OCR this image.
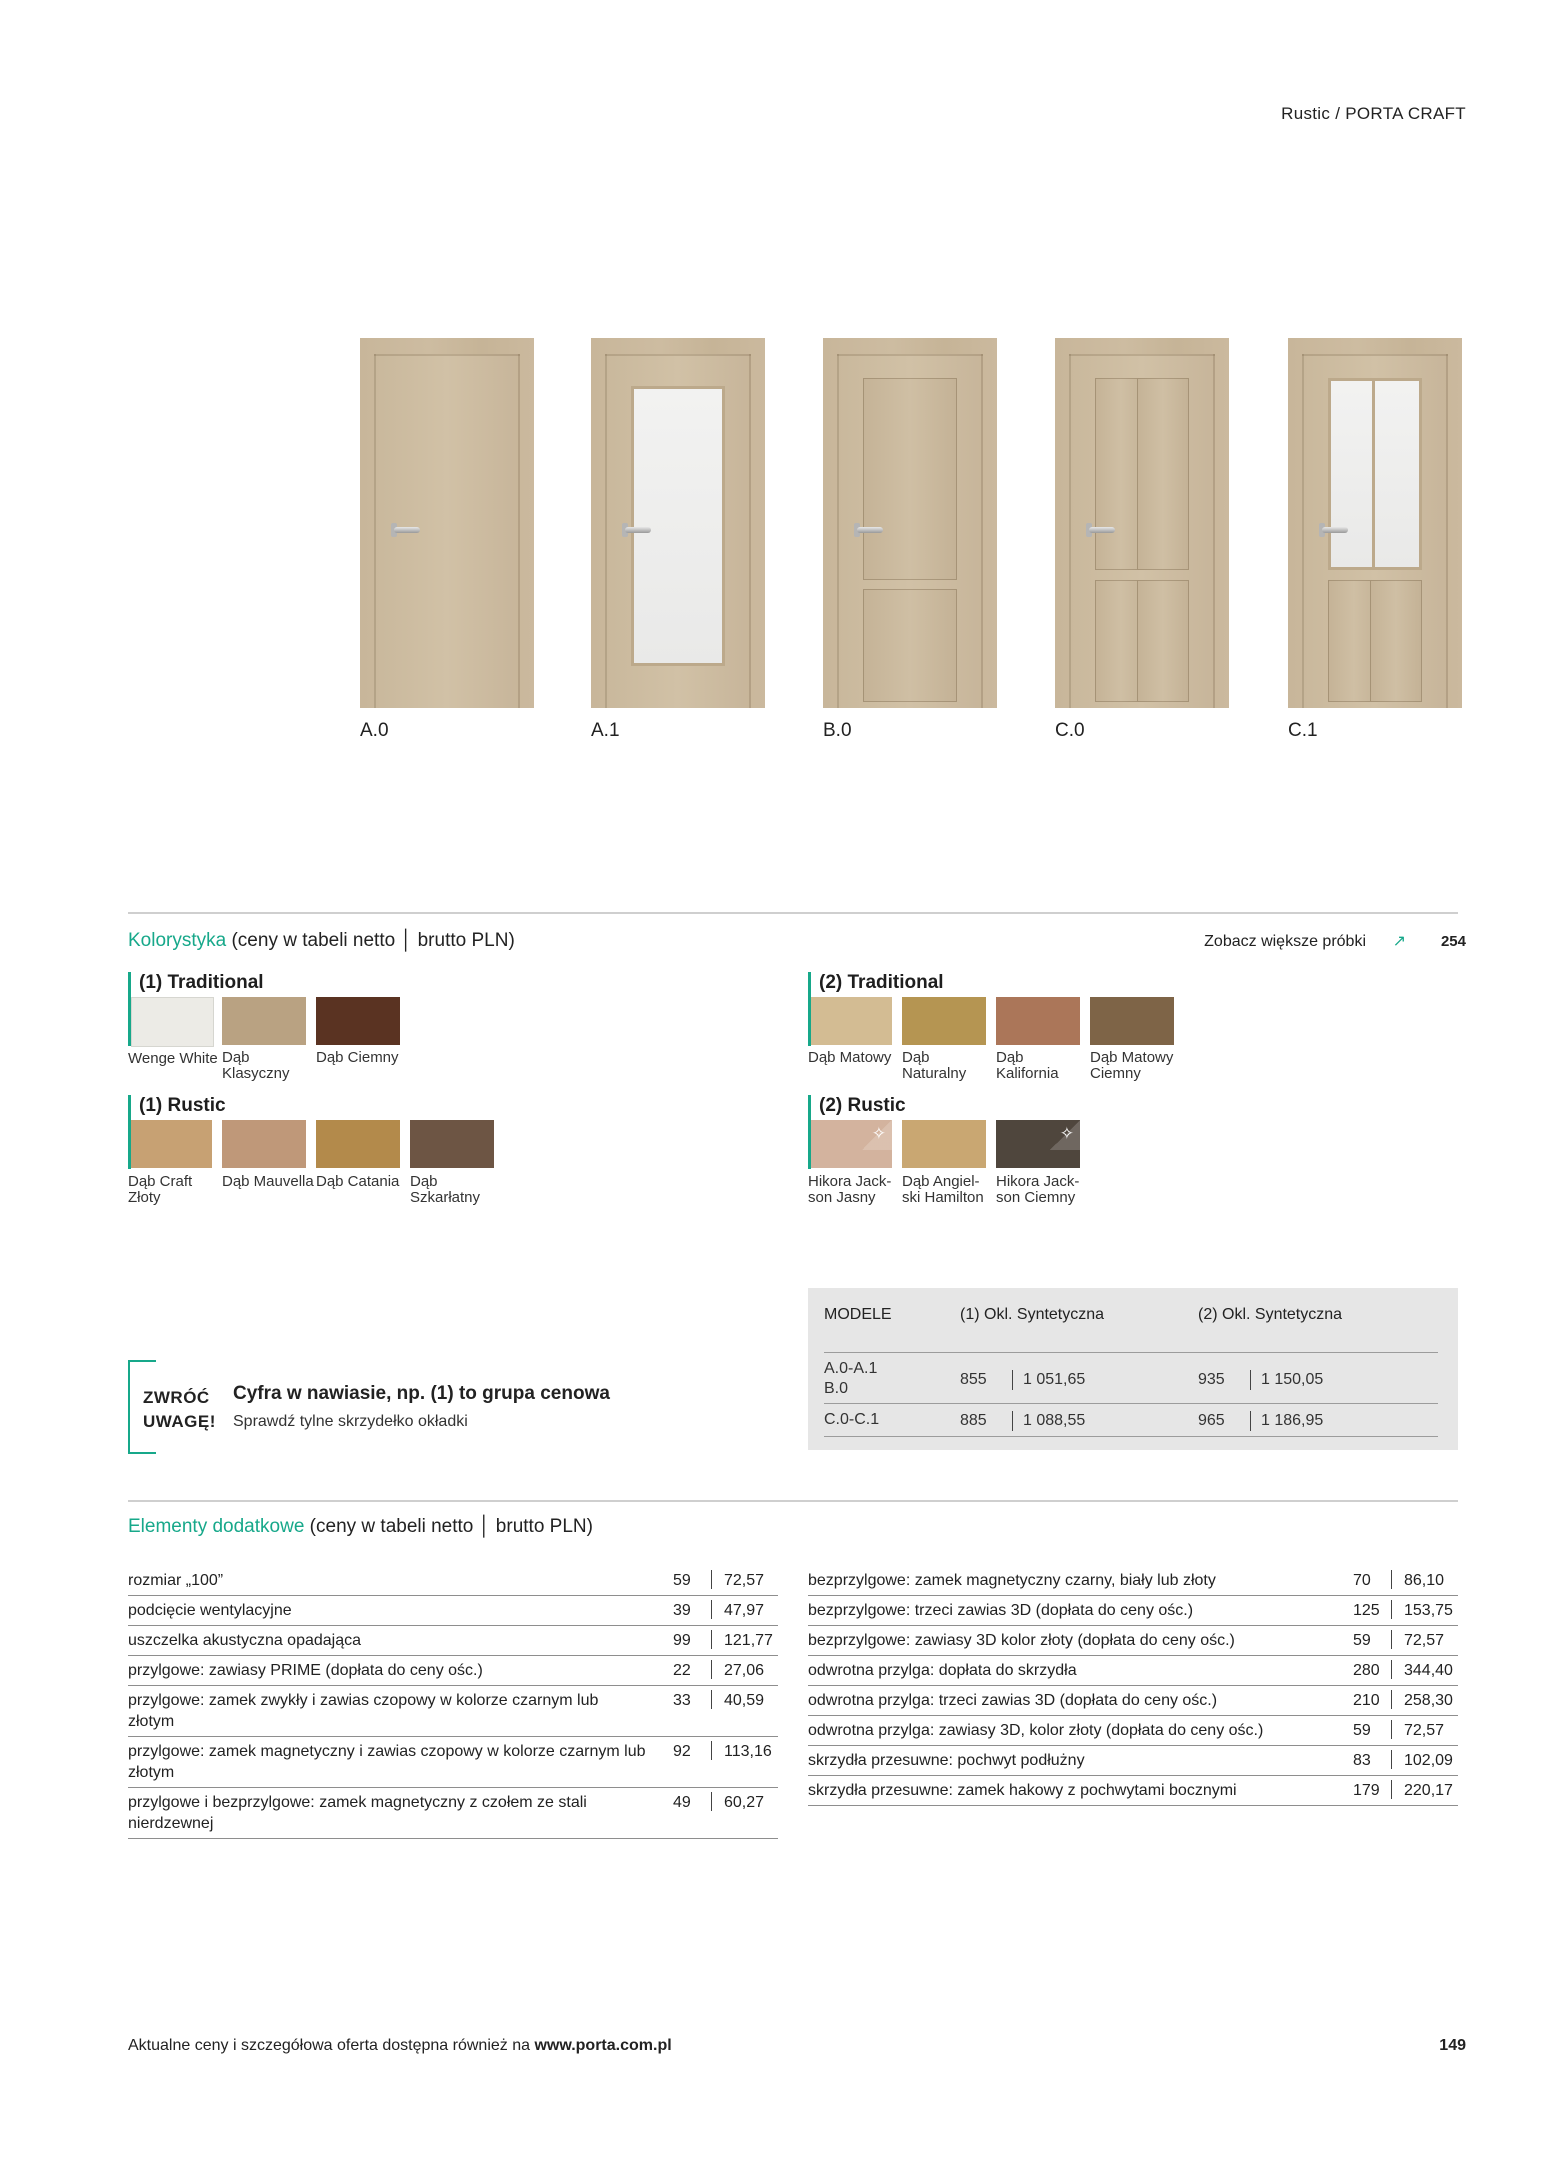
Rustic / PORTA CRAFT
A.0	A.1	B.0	C.0	C.1
Kolorystyka (ceny w tabeli netto │ brutto PLN)	Zobacz większe próbki ↗ 254
(1) Traditional
Wenge White Dąb Klasyczny
Dąb Ciemny
(2) Traditional
Dąb Matowy Dąb Naturalny
Dąb Kalifornia
Dąb Matowy Ciemny
(1) Rustic
Dąb Craft Złoty
Dąb Mauvella Dąb Catania Dąb Szkarłatny
(2) Rustic
✧	✧
Hikora Jack-son Jasny
Dąb Angiel-ski Hamilton
Hikora Jack-son Ciemny
MODELE	(1) Okl. Syntetyczna	(2) Okl. Syntetyczna
A.0-A.1
B.0
855	1 051,65	935	1 150,05
C.0-C.1	885	1 088,55	965	1 186,95
ZWRÓĆ
UWAGĘ!
Cyfra w nawiasie, np. (1) to grupa cenowa
Sprawdź tylne skrzydełko okładki
Elementy dodatkowe (ceny w tabeli netto │ brutto PLN)
rozmiar „100”	59	72,57
podcięcie wentylacyjne	39	47,97
uszczelka akustyczna opadająca	99	121,77
przylgowe: zawiasy PRIME (dopłata do ceny ośc.)	22	27,06
przylgowe: zamek zwykły i zawias czopowy w kolorze czarnym lub złotym
33	40,59
przylgowe: zamek magnetyczny i zawias czopowy w kolorze czarnym lub złotym
92	113,16
przylgowe i bezprzylgowe: zamek magnetyczny z czołem ze stali nierdzewnej
49	60,27
bezprzylgowe: zamek magnetyczny czarny, biały lub złoty	70	86,10
bezprzylgowe: trzeci zawias 3D (dopłata do ceny ośc.)	125	153,75
bezprzylgowe: zawiasy 3D kolor złoty (dopłata do ceny ośc.)	59	72,57
odwrotna przylga: dopłata do skrzydła	280	344,40
odwrotna przylga: trzeci zawias 3D (dopłata do ceny ośc.)	210	258,30
odwrotna przylga: zawiasy 3D, kolor złoty (dopłata do ceny ośc.)	59	72,57
skrzydła przesuwne: pochwyt podłużny	83	102,09
skrzydła przesuwne: zamek hakowy z pochwytami bocznymi	179	220,17
Aktualne ceny i szczegółowa oferta dostępna również na www.porta.com.pl	149
